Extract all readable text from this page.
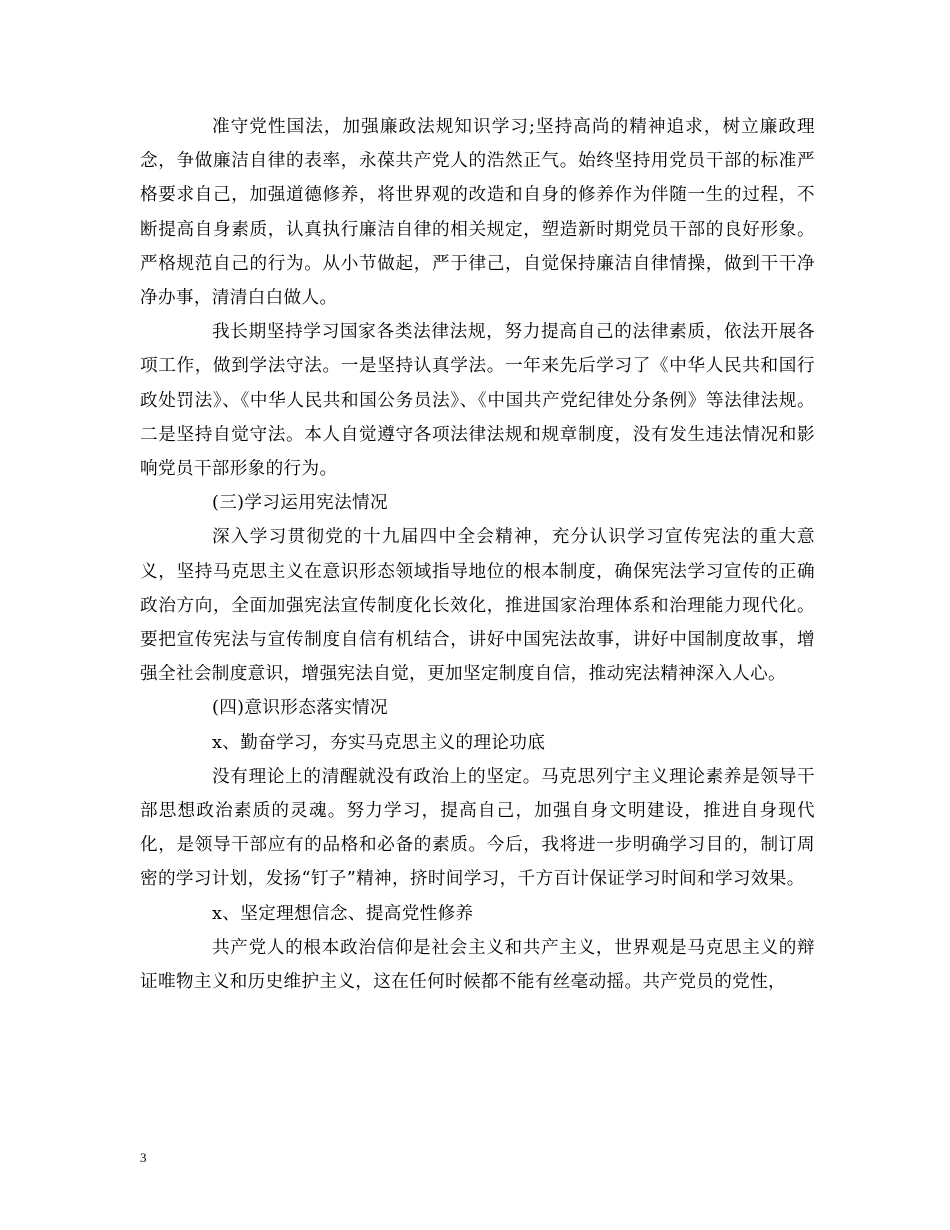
准守党性国法，加强廉政法规知识学习;坚持高尚的精神追求，树立廉政理念，争做廉洁自律的表率，永葆共产党人的浩然正气。始终坚持用党员干部的标准严格要求自己，加强道德修养，将世界观的改造和自身的修养作为伴随一生的过程，不断提高自身素质，认真执行廉洁自律的相关规定，塑造新时期党员干部的良好形象。严格规范自己的行为。从小节做起，严于律己，自觉保持廉洁自律情操，做到干干净净办事，清清白白做人。

我长期坚持学习国家各类法律法规，努力提高自己的法律素质，依法开展各项工作，做到学法守法。一是坚持认真学法。一年来先后学习了《中华人民共和国行政处罚法》、《中华人民共和国公务员法》、《中国共产党纪律处分条例》等法律法规。二是坚持自觉守法。本人自觉遵守各项法律法规和规章制度，没有发生违法情况和影响党员干部形象的行为。

(三)学习运用宪法情况

深入学习贯彻党的十九届四中全会精神，充分认识学习宣传宪法的重大意义，坚持马克思主义在意识形态领域指导地位的根本制度，确保宪法学习宣传的正确政治方向，全面加强宪法宣传制度化长效化，推进国家治理体系和治理能力现代化。要把宣传宪法与宣传制度自信有机结合，讲好中国宪法故事，讲好中国制度故事，增强全社会制度意识，增强宪法自觉，更加坚定制度自信，推动宪法精神深入人心。

(四)意识形态落实情况

x、勤奋学习，夯实马克思主义的理论功底

没有理论上的清醒就没有政治上的坚定。马克思列宁主义理论素养是领导干部思想政治素质的灵魂。努力学习，提高自己，加强自身文明建设，推进自身现代化，是领导干部应有的品格和必备的素质。今后，我将进一步明确学习目的，制订周密的学习计划，发扬“钉子”精神，挤时间学习，千方百计保证学习时间和学习效果。

x、坚定理想信念、提高党性修养

共产党人的根本政治信仰是社会主义和共产主义，世界观是马克思主义的辩证唯物主义和历史维护主义，这在任何时候都不能有丝毫动摇。共产党员的党性，

3
